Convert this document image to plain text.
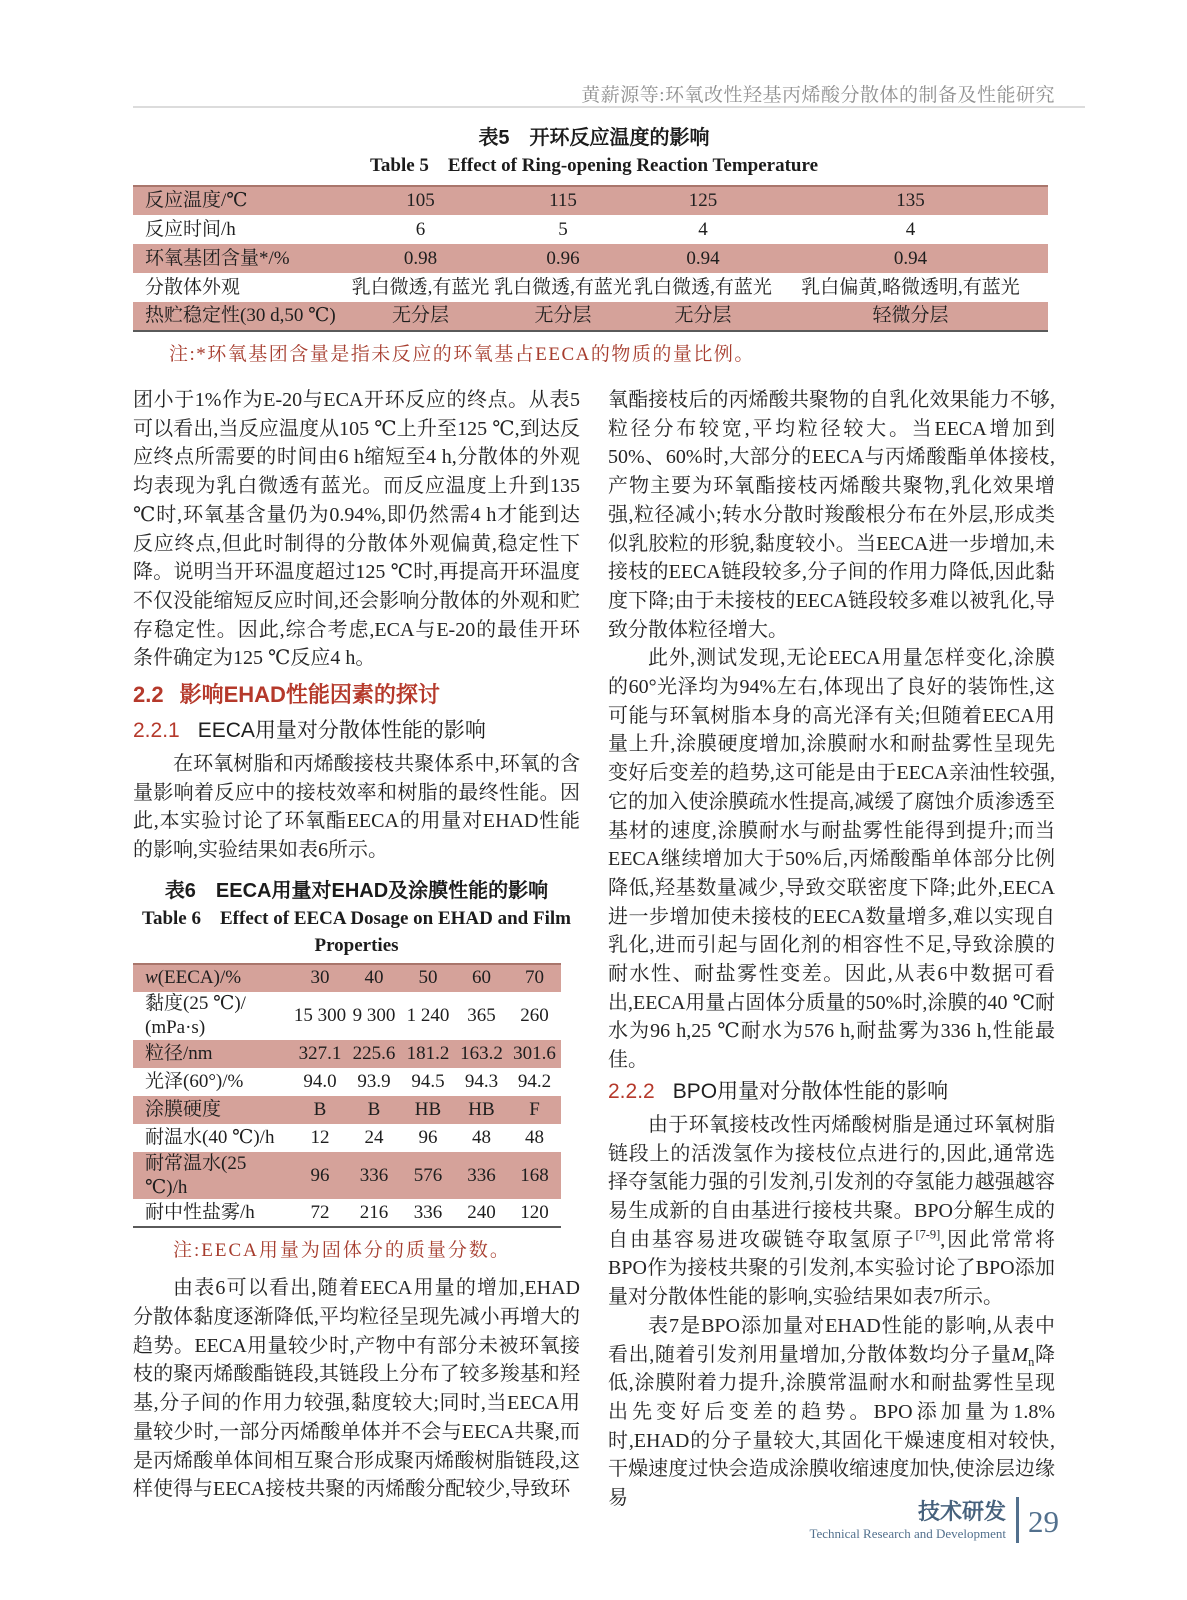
黄薪源等:环氧改性羟基丙烯酸分散体的制备及性能研究
表5　开环反应温度的影响
Table 5　Effect of Ring-opening Reaction Temperature
反应温度/℃	105	115	125	135
反应时间/h	6	5	4	4
环氧基团含量*/%	0.98	0.96	0.94	0.94
分散体外观	乳白微透,有蓝光	乳白微透,有蓝光	乳白微透,有蓝光	乳白偏黄,略微透明,有蓝光
热贮稳定性(30 d,50 ℃)	无分层	无分层	无分层	轻微分层
注:*环氧基团含量是指未反应的环氧基占EECA的物质的量比例。

团小于1%作为E-20与ECA开环反应的终点。从表5可以看出,当反应温度从105 ℃上升至125 ℃,到达反应终点所需要的时间由6 h缩短至4 h,分散体的外观均表现为乳白微透有蓝光。而反应温度上升到135 ℃时,环氧基含量仍为0.94%,即仍然需4 h才能到达反应终点,但此时制得的分散体外观偏黄,稳定性下降。说明当开环温度超过125 ℃时,再提高开环温度不仅没能缩短反应时间,还会影响分散体的外观和贮存稳定性。因此,综合考虑,ECA与E-20的最佳开环条件确定为125 ℃反应4 h。

2.2 影响EHAD性能因素的探讨
2.2.1 EECA用量对分散体性能的影响

在环氧树脂和丙烯酸接枝共聚体系中,环氧的含量影响着反应中的接枝效率和树脂的最终性能。因此,本实验讨论了环氧酯EECA的用量对EHAD性能的影响,实验结果如表6所示。

表6　EECA用量对EHAD及涂膜性能的影响
Table 6　Effect of EECA Dosage on EHAD and Film
Properties
w(EECA)/%	30	40	50	60	70
黏度(25 ℃)/ (mPa·s)	15 300	9 300	1 240	365	260
粒径/nm	327.1	225.6	181.2	163.2	301.6
光泽(60°)/%	94.0	93.9	94.5	94.3	94.2
涂膜硬度	B	B	HB	HB	F
耐温水(40 ℃)/h	12	24	96	48	48
耐常温水(25 ℃)/h	96	336	576	336	168
耐中性盐雾/h	72	216	336	240	120
注:EECA用量为固体分的质量分数。

由表6可以看出,随着EECA用量的增加,EHAD分散体黏度逐渐降低,平均粒径呈现先减小再增大的趋势。EECA用量较少时,产物中有部分未被环氧接枝的聚丙烯酸酯链段,其链段上分布了较多羧基和羟基,分子间的作用力较强,黏度较大;同时,当EECA用量较少时,一部分丙烯酸单体并不会与EECA共聚,而是丙烯酸单体间相互聚合形成聚丙烯酸树脂链段,这样使得与EECA接枝共聚的丙烯酸分配较少,导致环

氧酯接枝后的丙烯酸共聚物的自乳化效果能力不够,粒径分布较宽,平均粒径较大。当EECA增加到50%、60%时,大部分的EECA与丙烯酸酯单体接枝,产物主要为环氧酯接枝丙烯酸共聚物,乳化效果增强,粒径减小;转水分散时羧酸根分布在外层,形成类似乳胶粒的形貌,黏度较小。当EECA进一步增加,未接枝的EECA链段较多,分子间的作用力降低,因此黏度下降;由于未接枝的EECA链段较多难以被乳化,导致分散体粒径增大。

此外,测试发现,无论EECA用量怎样变化,涂膜的60°光泽均为94%左右,体现出了良好的装饰性,这可能与环氧树脂本身的高光泽有关;但随着EECA用量上升,涂膜硬度增加,涂膜耐水和耐盐雾性呈现先变好后变差的趋势,这可能是由于EECA亲油性较强,它的加入使涂膜疏水性提高,减缓了腐蚀介质渗透至基材的速度,涂膜耐水与耐盐雾性能得到提升;而当EECA继续增加大于50%后,丙烯酸酯单体部分比例降低,羟基数量减少,导致交联密度下降;此外,EECA进一步增加使未接枝的EECA数量增多,难以实现自乳化,进而引起与固化剂的相容性不足,导致涂膜的耐水性、耐盐雾性变差。因此,从表6中数据可看出,EECA用量占固体分质量的50%时,涂膜的40 ℃耐水为96 h,25 ℃耐水为576 h,耐盐雾为336 h,性能最佳。

2.2.2 BPO用量对分散体性能的影响

由于环氧接枝改性丙烯酸树脂是通过环氧树脂链段上的活泼氢作为接枝位点进行的,因此,通常选择夺氢能力强的引发剂,引发剂的夺氢能力越强越容易生成新的自由基进行接枝共聚。BPO分解生成的自由基容易进攻碳链夺取氢原子[7-9],因此常常将BPO作为接枝共聚的引发剂,本实验讨论了BPO添加量对分散体性能的影响,实验结果如表7所示。

表7是BPO添加量对EHAD性能的影响,从表中看出,随着引发剂用量增加,分散体数均分子量$M_n$降低,涂膜附着力提升,涂膜常温耐水和耐盐雾性呈现出先变好后变差的趋势。BPO添加量为1.8%时,EHAD的分子量较大,其固化干燥速度相对较快,干燥速度过快会造成涂膜收缩速度加快,使涂层边缘易

技术研发
Technical Research and Development 29
